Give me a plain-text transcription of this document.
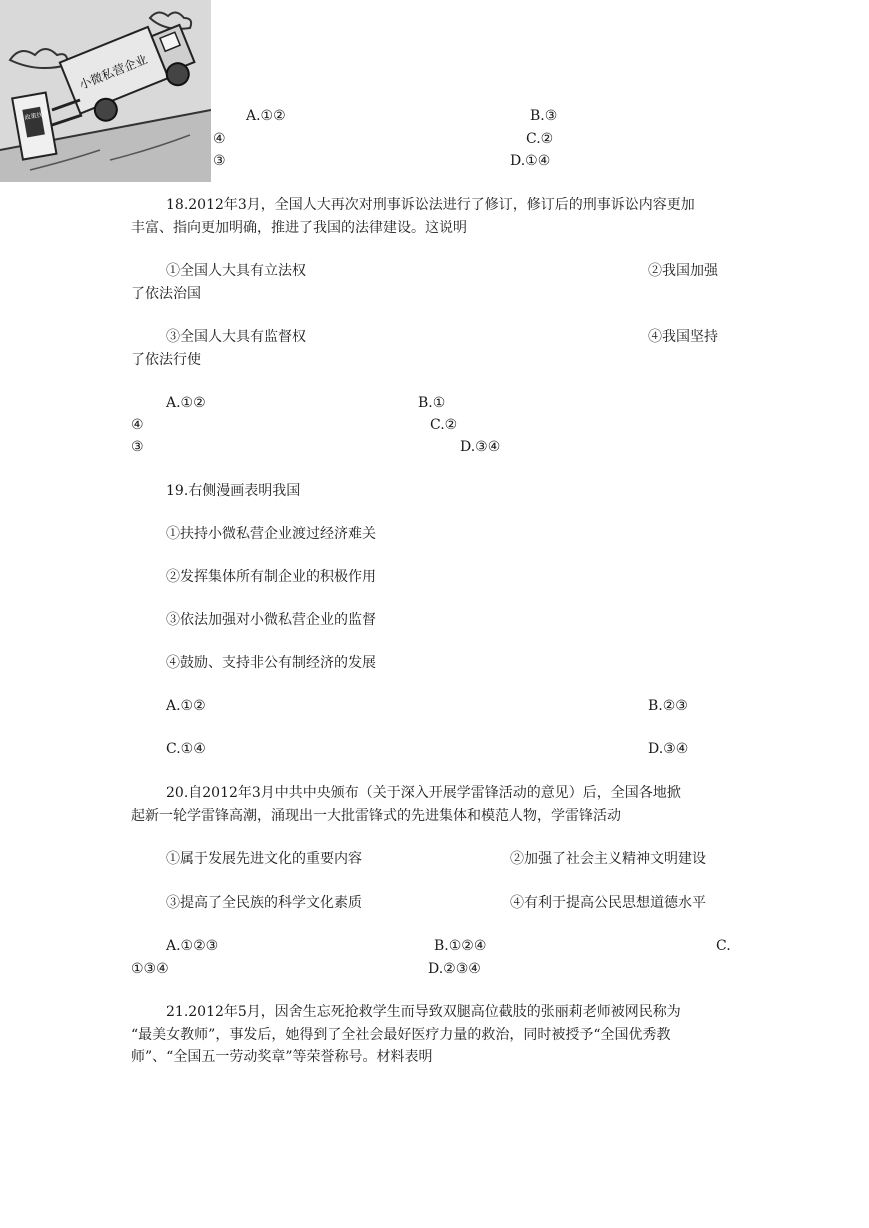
小微私营企业
政策扶持	A.①②	B.③
④	C.②
③	D.①④
18.2012年3月，全国人大再次对刑事诉讼法进行了修订，修订后的刑事诉讼内容更加
丰富、指向更加明确，推进了我国的法律建设。这说明
①全国人大具有立法权	②我国加强
了依法治国
③全国人大具有监督权	④我国坚持
了依法行使
A.①②	B.①
④	C.②
③	D.③④
19.右侧漫画表明我国
①扶持小微私营企业渡过经济难关
②发挥集体所有制企业的积极作用
③依法加强对小微私营企业的监督
④鼓励、支持非公有制经济的发展
A.①②	B.②③
C.①④	D.③④
20.自2012年3月中共中央颁布（关于深入开展学雷锋活动的意见）后，全国各地掀
起新一轮学雷锋高潮，涌现出一大批雷锋式的先进集体和模范人物，学雷锋活动
①属于发展先进文化的重要内容	②加强了社会主义精神文明建设
③提高了全民族的科学文化素质	④有利于提高公民思想道德水平
A.①②③	B.①②④	C.
①③④	D.②③④
21.2012年5月，因舍生忘死抢救学生而导致双腿高位截肢的张丽莉老师被网民称为
“最美女教师”，事发后，她得到了全社会最好医疗力量的救治，同时被授予“全国优秀教
师”、“全国五一劳动奖章”等荣誉称号。材料表明
